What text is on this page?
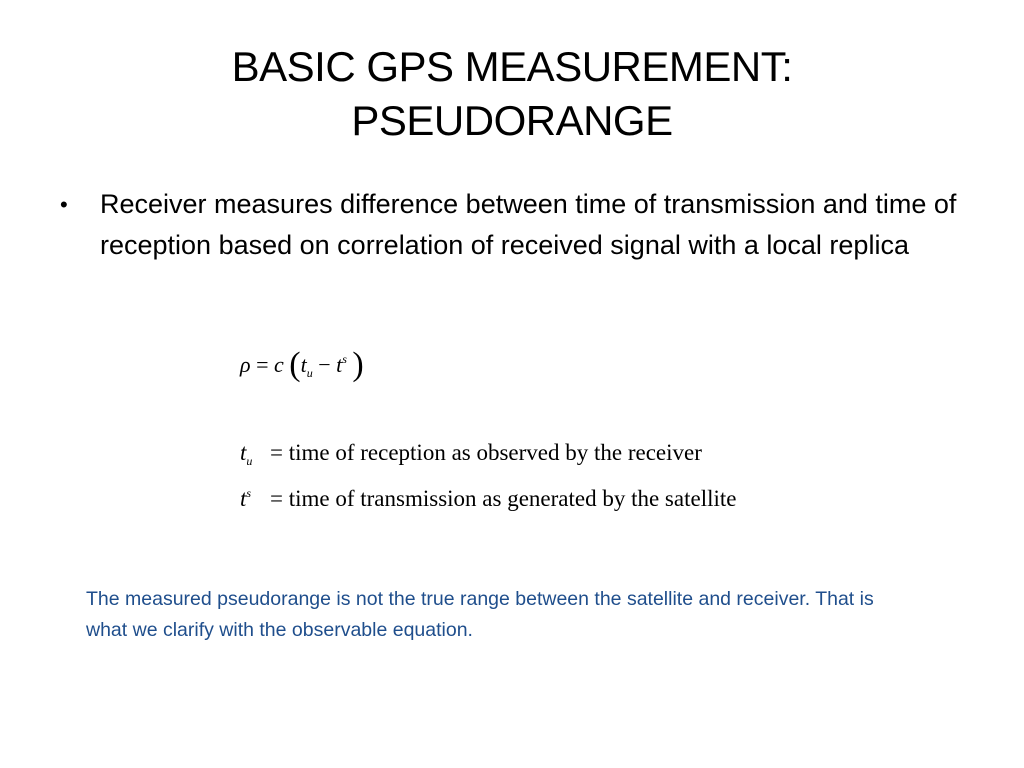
BASIC GPS MEASUREMENT:
PSEUDORANGE
• Receiver measures difference between time of transmission and time of reception based on correlation of received signal with a local replica
ρ = c ($t_u - t^s$ )
$t_u$ = time of reception as observed by the receiver
$t^s$ = time of transmission as generated by the satellite
The measured pseudorange is not the true range between the satellite and receiver. That is what we clarify with the observable equation.
